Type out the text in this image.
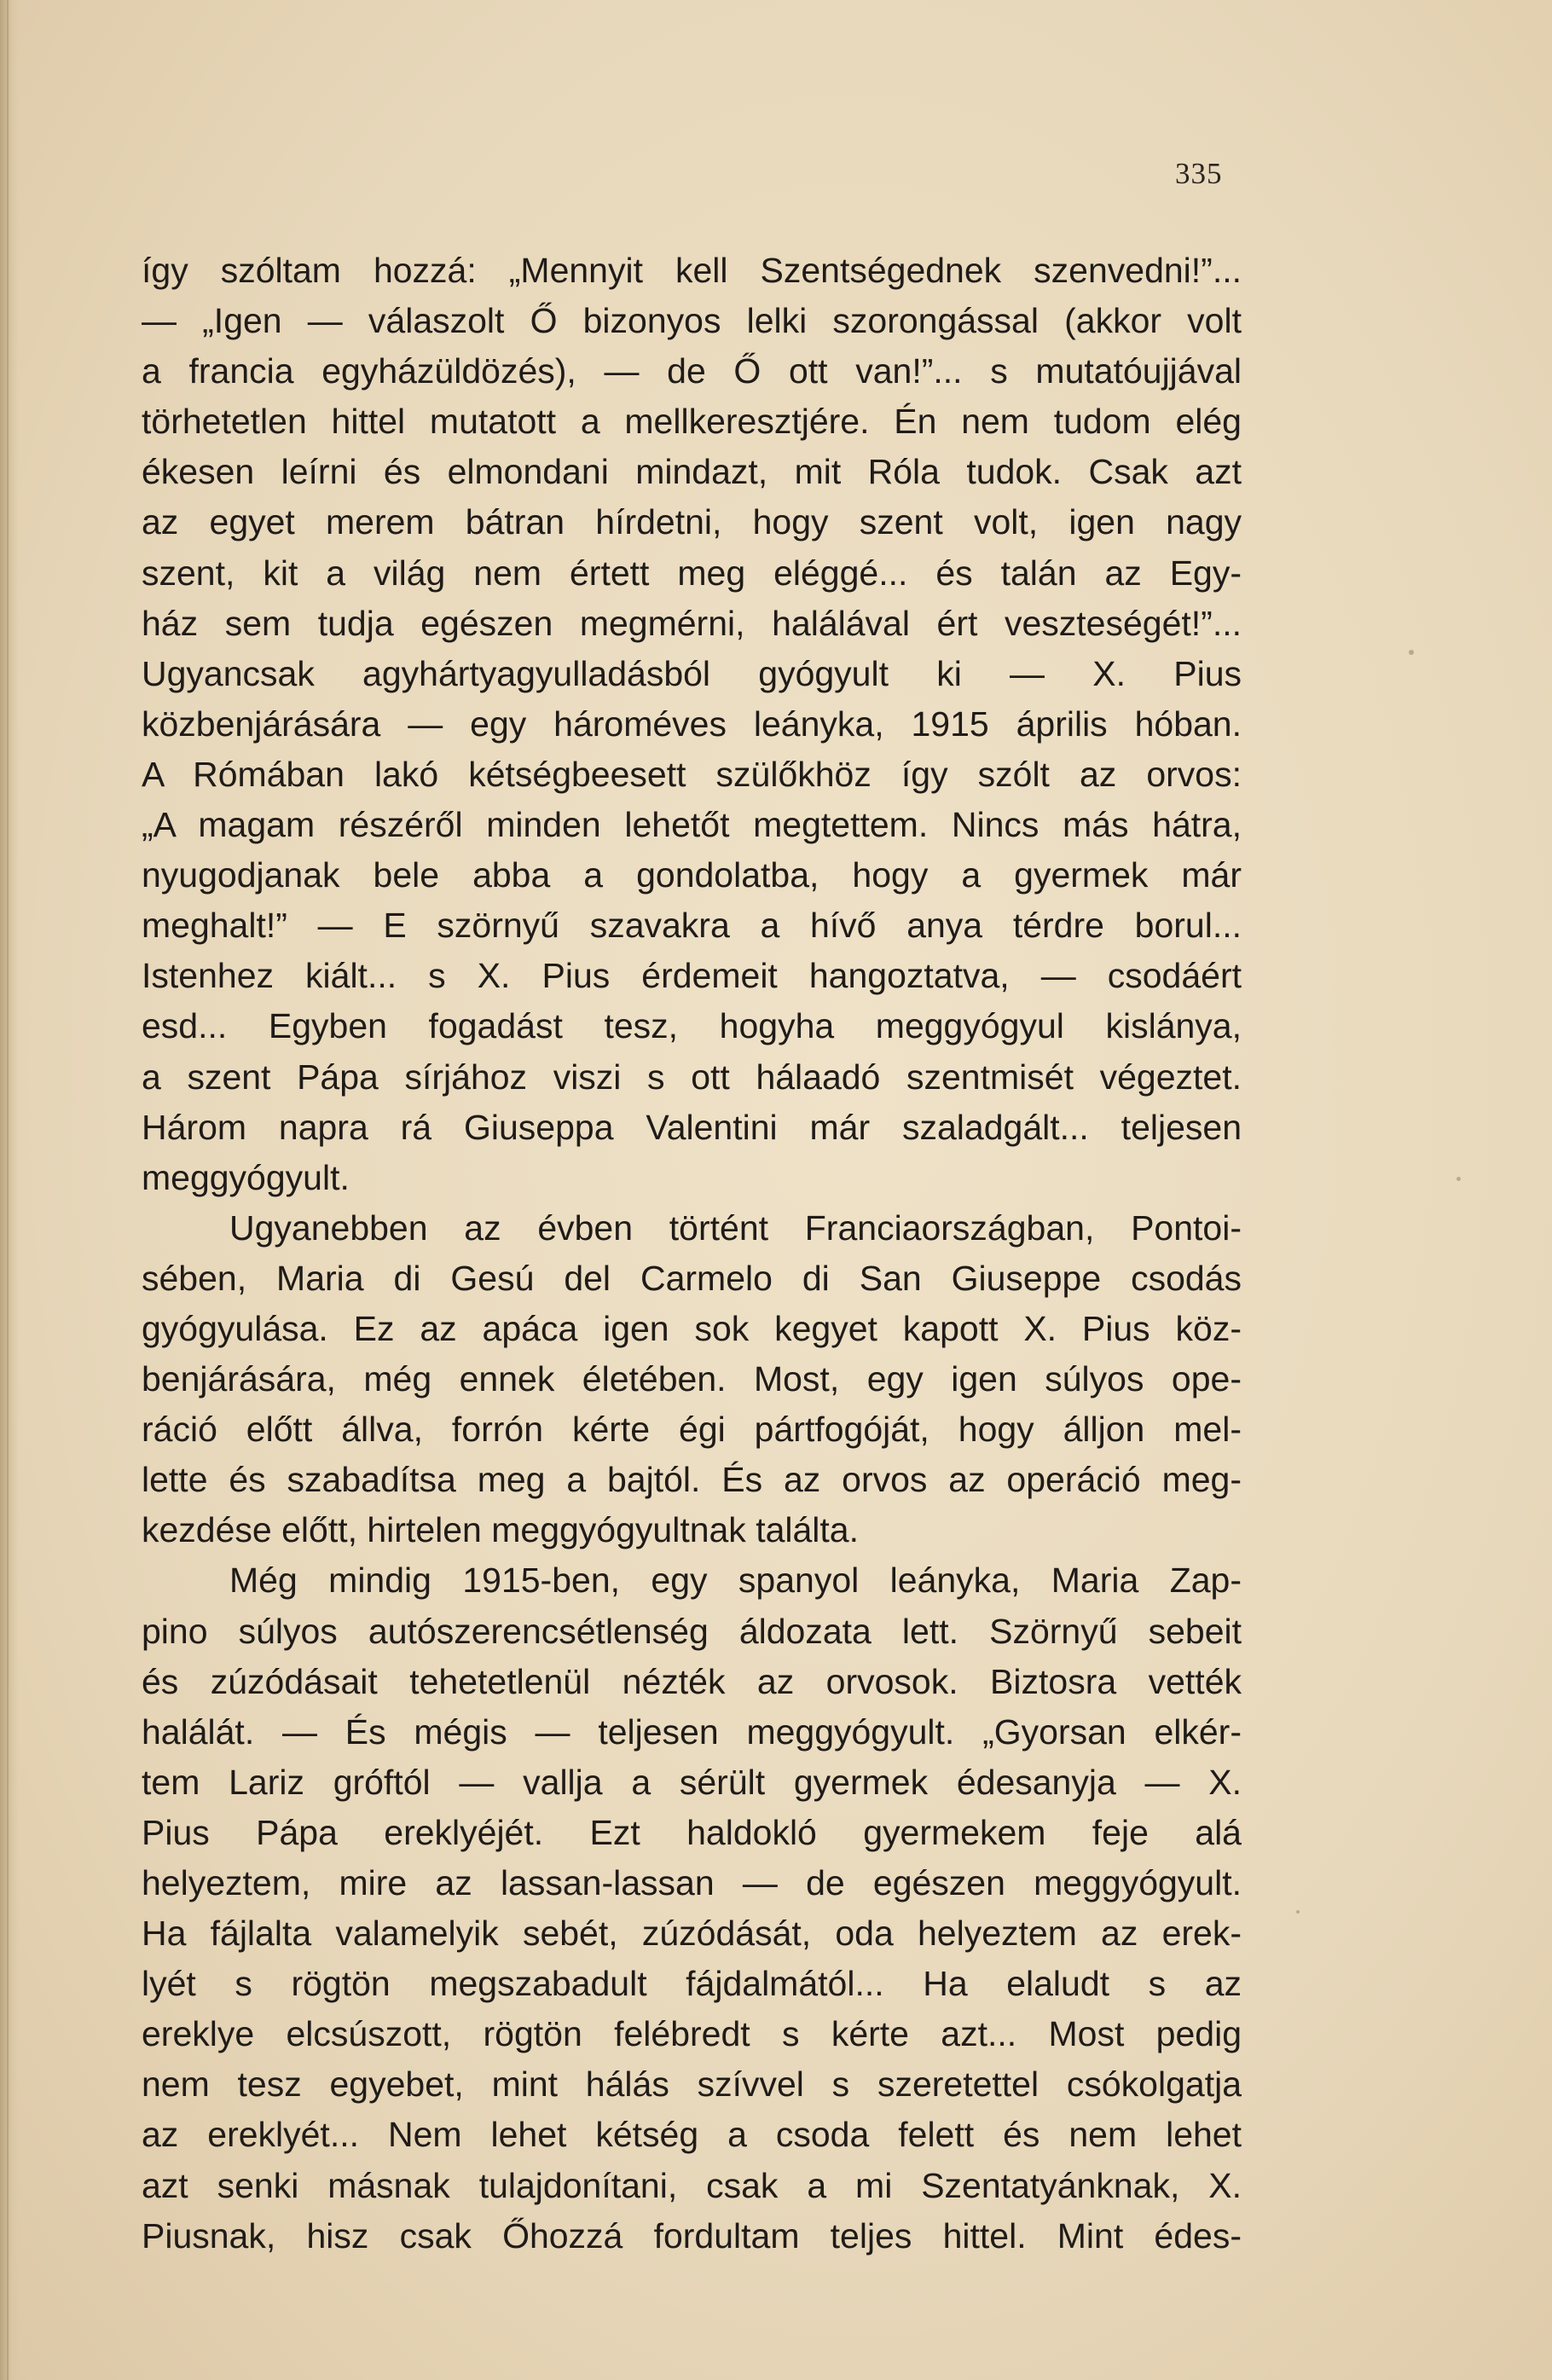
335
így szóltam hozzá: „Mennyit kell Szentségednek szenvedni!”...
— „Igen — válaszolt Ő bizonyos lelki szorongással (akkor volt
a francia egyházüldözés), — de Ő ott van!”... s mutatóujjával
törhetetlen hittel mutatott a mellkeresztjére. Én nem tudom elég
ékesen leírni és elmondani mindazt, mit Róla tudok. Csak azt
az egyet merem bátran hírdetni, hogy szent volt, igen nagy
szent, kit a világ nem értett meg eléggé... és talán az Egy-
ház sem tudja egészen megmérni, halálával ért veszteségét!”...
Ugyancsak agyhártyagyulladásból gyógyult ki — X. Pius
közbenjárására — egy hároméves leányka, 1915 április hóban.
A Rómában lakó kétségbeesett szülőkhöz így szólt az orvos:
„A magam részéről minden lehetőt megtettem. Nincs más hátra,
nyugodjanak bele abba a gondolatba, hogy a gyermek már
meghalt!” — E szörnyű szavakra a hívő anya térdre borul...
Istenhez kiált... s X. Pius érdemeit hangoztatva, — csodáért
esd... Egyben fogadást tesz, hogyha meggyógyul kislánya,
a szent Pápa sírjához viszi s ott hálaadó szentmisét végeztet.
Három napra rá Giuseppa Valentini már szaladgált... teljesen
meggyógyult.
Ugyanebben az évben történt Franciaországban, Pontoi-
sében, Maria di Gesú del Carmelo di San Giuseppe csodás
gyógyulása. Ez az apáca igen sok kegyet kapott X. Pius köz-
benjárására, még ennek életében. Most, egy igen súlyos ope-
ráció előtt állva, forrón kérte égi pártfogóját, hogy álljon mel-
lette és szabadítsa meg a bajtól. És az orvos az operáció meg-
kezdése előtt, hirtelen meggyógyultnak találta.
Még mindig 1915-ben, egy spanyol leányka, Maria Zap-
pino súlyos autószerencsétlenség áldozata lett. Szörnyű sebeit
és zúzódásait tehetetlenül nézték az orvosok. Biztosra vették
halálát. — És mégis — teljesen meggyógyult. „Gyorsan elkér-
tem Lariz gróftól — vallja a sérült gyermek édesanyja — X.
Pius Pápa ereklyéjét. Ezt haldokló gyermekem feje alá
helyeztem, mire az lassan-lassan — de egészen meggyógyult.
Ha fájlalta valamelyik sebét, zúzódását, oda helyeztem az erek-
lyét s rögtön megszabadult fájdalmától... Ha elaludt s az
ereklye elcsúszott, rögtön felébredt s kérte azt... Most pedig
nem tesz egyebet, mint hálás szívvel s szeretettel csókolgatja
az ereklyét... Nem lehet kétség a csoda felett és nem lehet
azt senki másnak tulajdonítani, csak a mi Szentatyánknak, X.
Piusnak, hisz csak Őhozzá fordultam teljes hittel. Mint édes-
